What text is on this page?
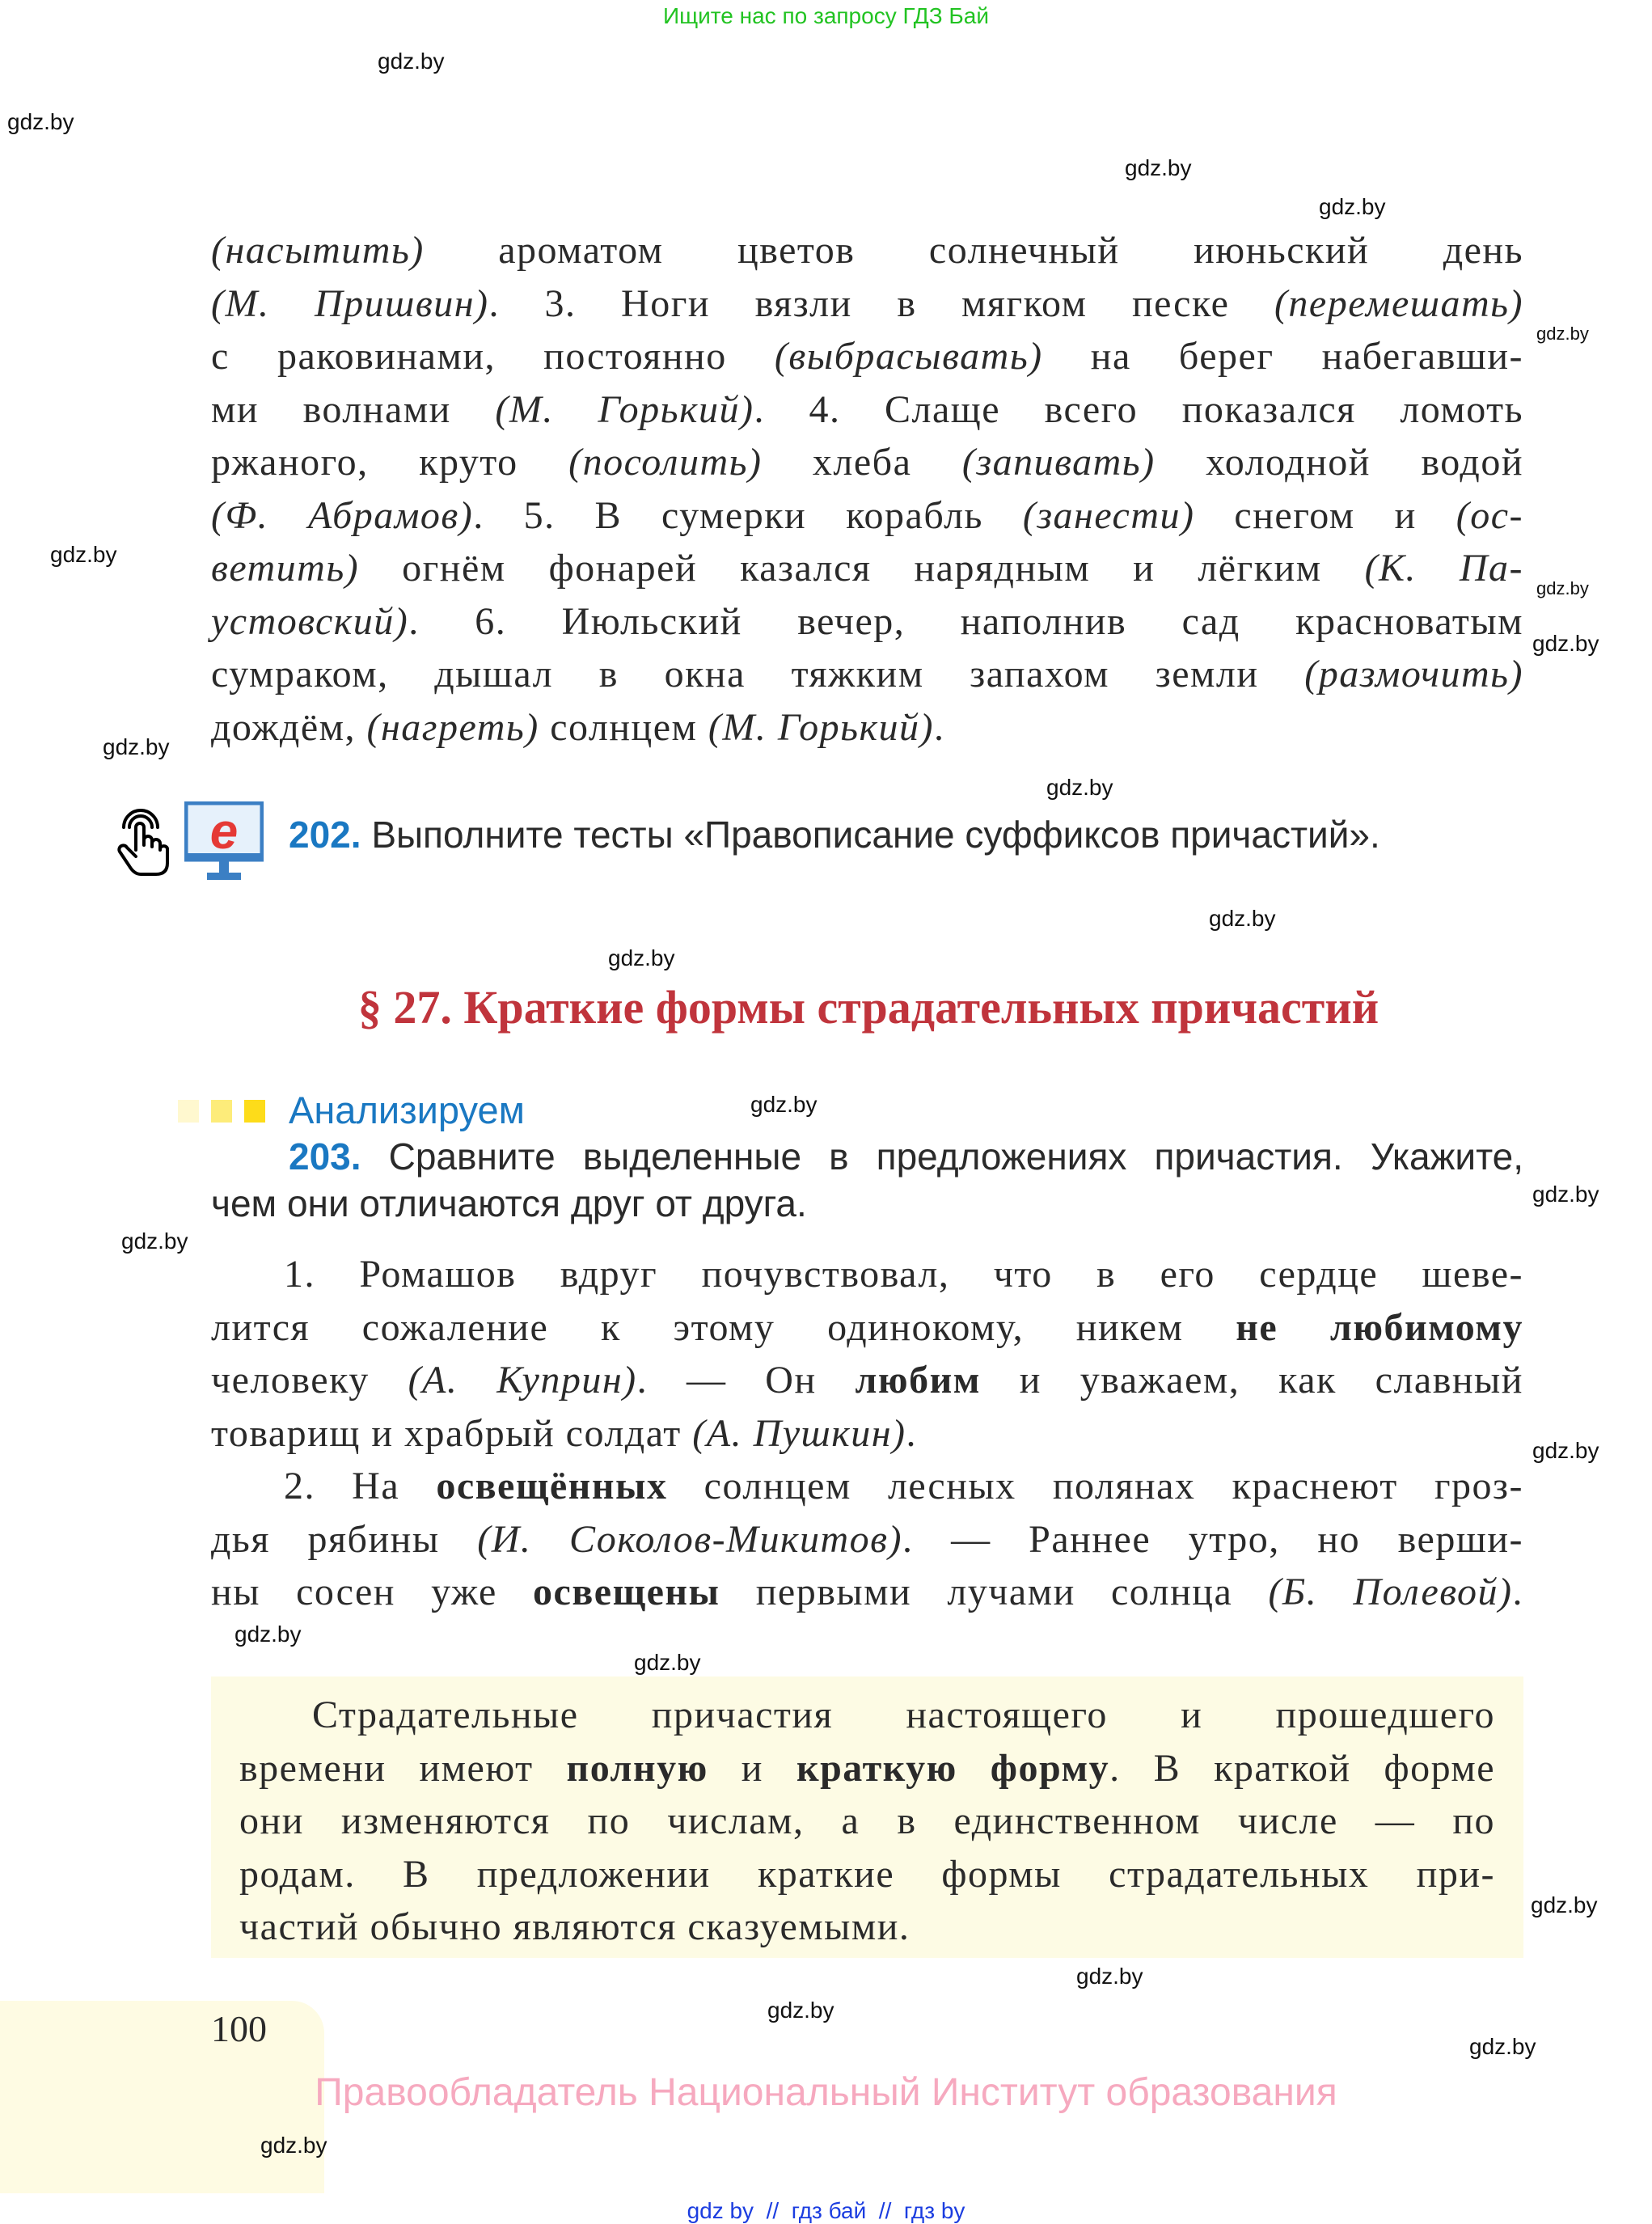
Ищите нас по запросу ГДЗ Бай
gdz.by
gdz.by
gdz.by
gdz.by
gdz.by
gdz.by
gdz.by
gdz.by
gdz.by
gdz.by
gdz.by
gdz.by
gdz.by
gdz.by
gdz.by
gdz.by
gdz.by
gdz.by
(насытить) ароматом цветов солнечный июньский день
(М. Пришвин). 3. Ноги вязли в мягком песке (перемешать)
с раковинами, постоянно (выбрасывать) на берег набегавши-
ми волнами (М. Горький). 4. Слаще всего показался ломоть
ржаного, круто (посолить) хлеба (запивать) холодной водой
(Ф. Абрамов). 5. В сумерки корабль (занести) снегом и (ос-
ветить) огнём фонарей казался нарядным и лёгким (К. Па-
устовский). 6. Июльский вечер, наполнив сад красноватым
сумраком, дышал в окна тяжким запахом земли (размочить)
дождём, (нагреть) солнцем (М. Горький).
e 202. Выполните тесты «Правописание суффиксов причастий».
§ 27. Краткие формы страдательных причастий
Анализируем
203. Сравните выделенные в предложениях причастия. Укажите,
чем они отличаются друг от друга.
1. Ромашов вдруг почувствовал, что в его сердце шеве-
лится сожаление к этому одинокому, никем не любимому
человеку (А. Куприн). — Он любим и уважаем, как славный
товарищ и храбрый солдат (А. Пушкин).
2. На освещённых солнцем лесных полянах краснеют гроз-
дья рябины (И. Соколов-Микитов). — Раннее утро, но верши-
ны сосен уже освещены первыми лучами солнца (Б. Полевой).
Страдательные причастия настоящего и прошедшего
времени имеют полную и краткую форму. В краткой форме
они изменяются по числам, а в единственном числе — по
родам. В предложении краткие формы страдательных при-
частий обычно являются сказуемыми.
gdz.by
gdz.by
100	gdz.by
gdz.by
Правообладатель Национальный Институт образования
gdz.by
gdz by  //  гдз бай  //  гдз by
